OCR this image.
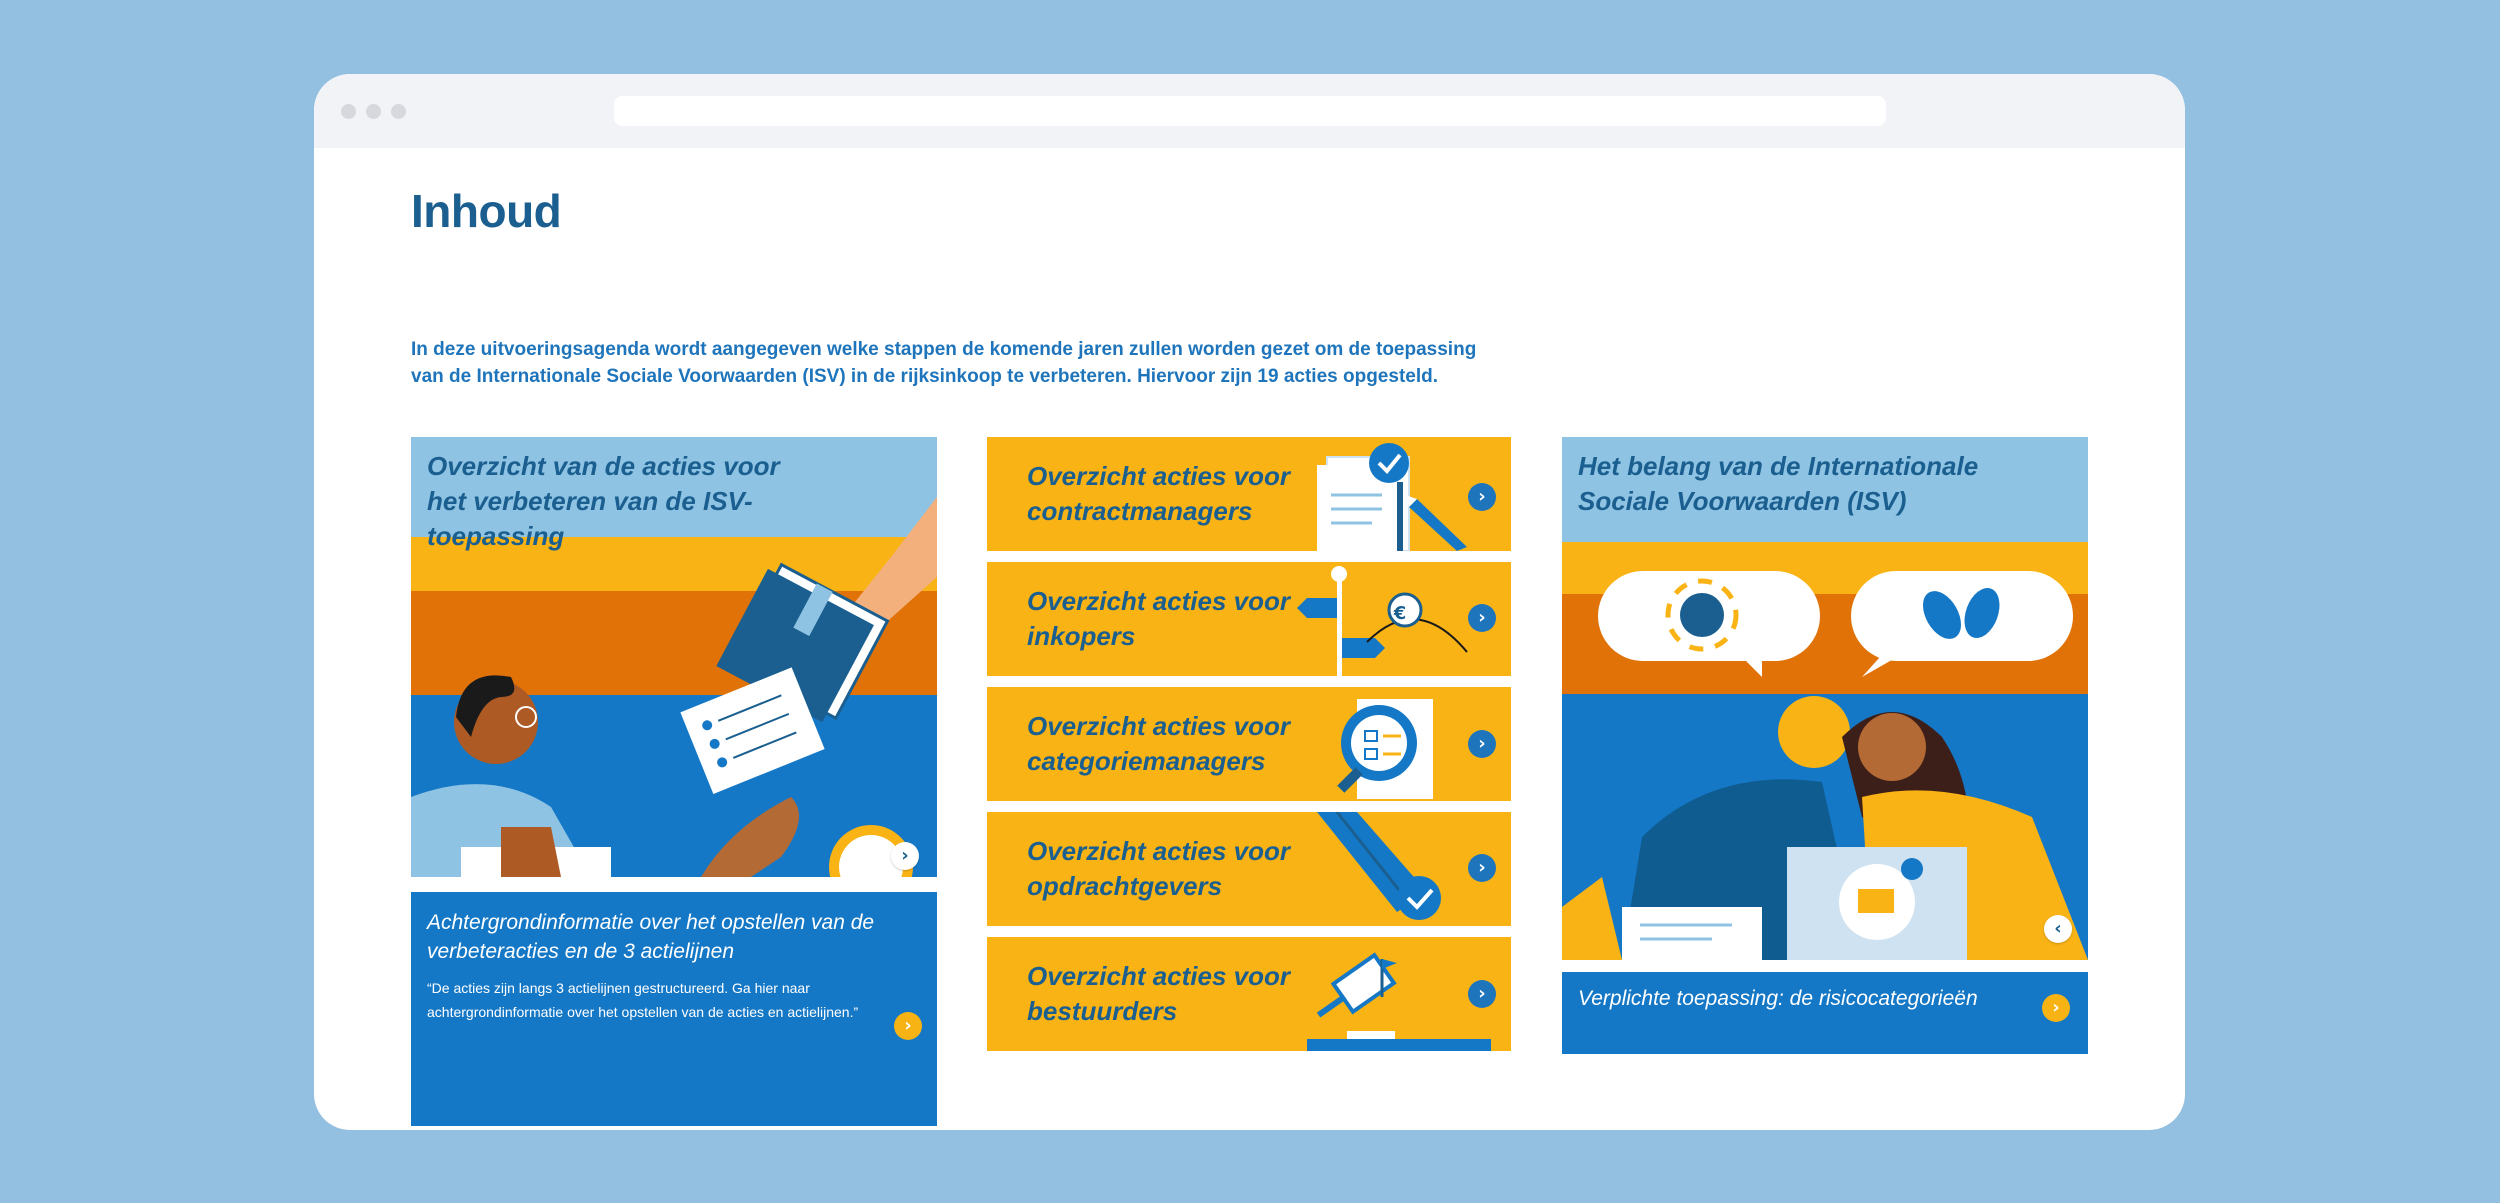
Inhoud

In deze uitvoeringsagenda wordt aangegeven welke stappen de komende jaren zullen worden gezet om de toepassing van de Internationale Sociale Voorwaarden (ISV) in de rijksinkoop te verbeteren. Hiervoor zijn 19 acties opgesteld.

›
Overzicht van de acties voor het verbeteren van de ISV-toepassing
Achtergrondinformatie over het opstellen van de verbeteracties en de 3 actielijnen
“De acties zijn langs 3 actielijnen gestructureerd. Ga hier naar achtergrondinformatie over het opstellen van de acties en actielijnen.”
›
Overzicht acties voor contractmanagers	›
Overzicht acties voor inkopers
€	›
Overzicht acties voor categoriemanagers
›
Overzicht acties voor opdrachtgevers
›
Overzicht acties voor bestuurders
›
‹
Het belang van de Internationale Sociale Voorwaarden (ISV)
Verplichte toepassing: de risicocategorieën	›
